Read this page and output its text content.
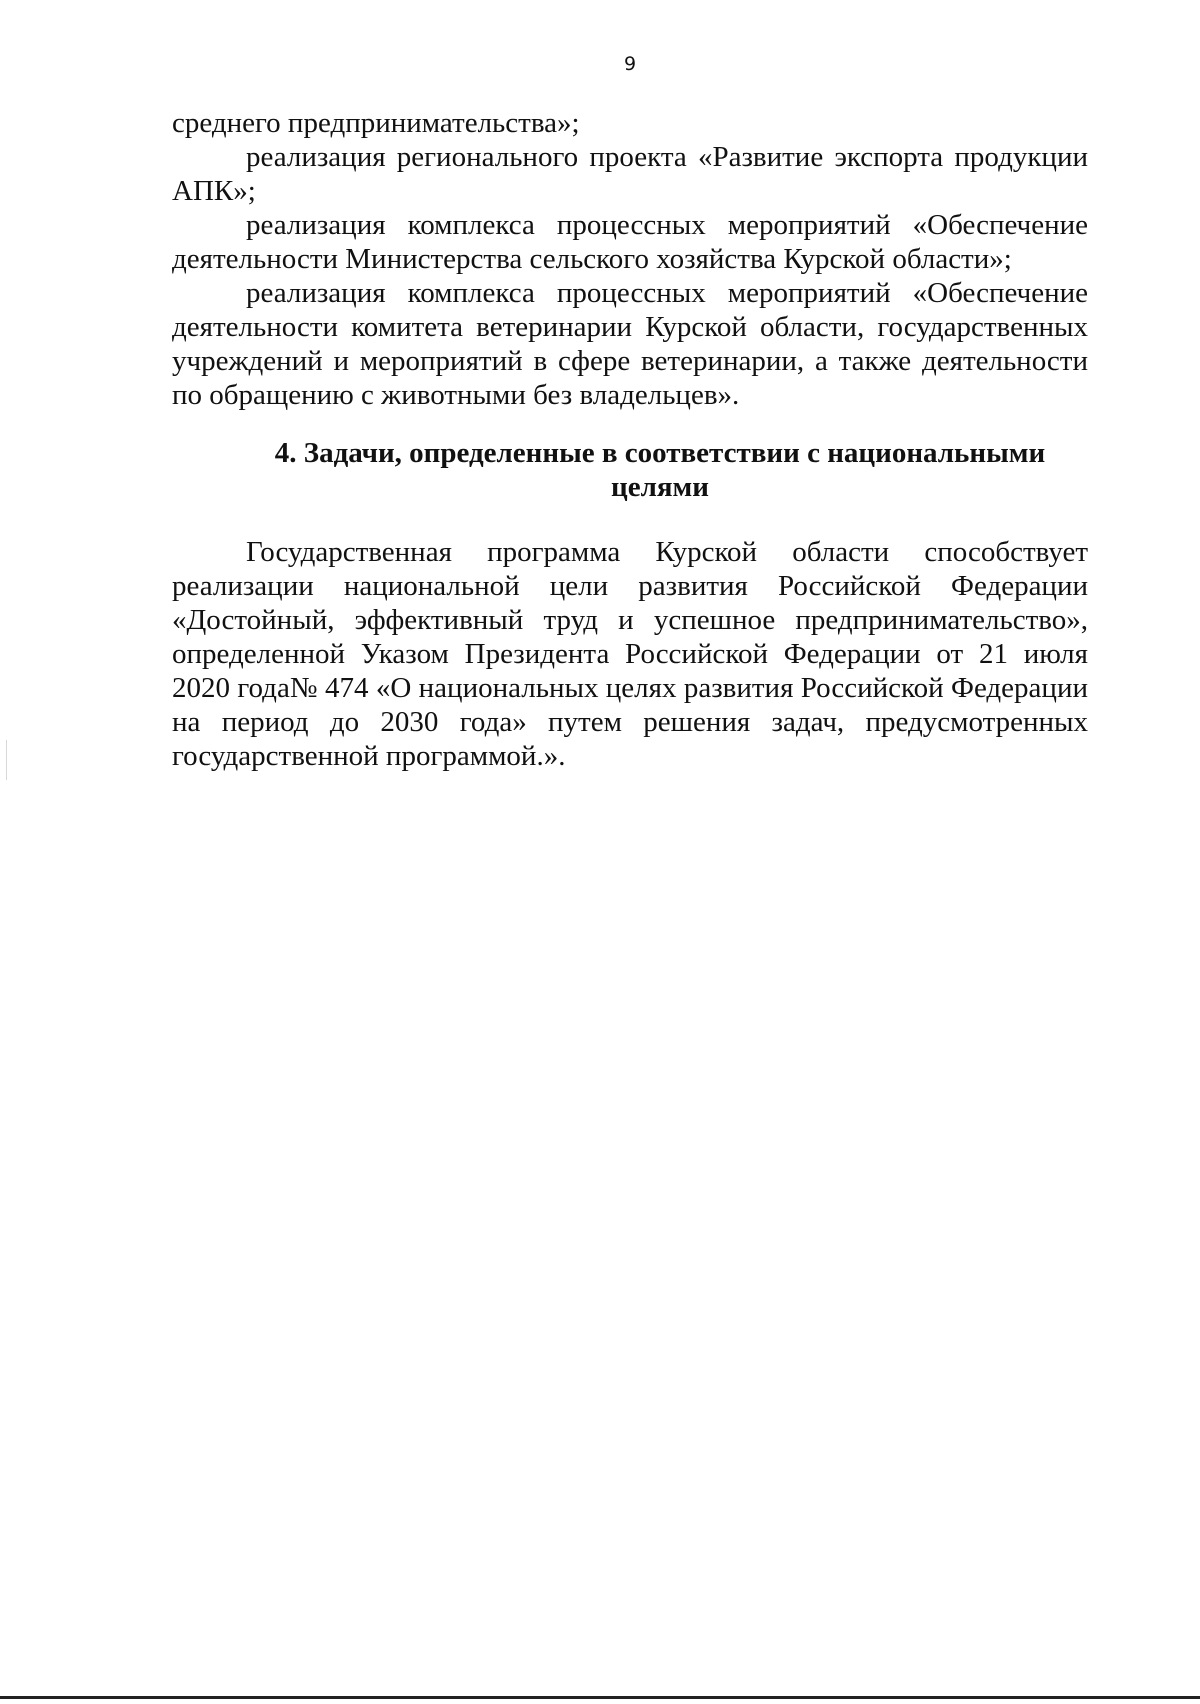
9

среднего предпринимательства»;

реализация регионального проекта «Развитие экспорта продукции АПК»;

реализация комплекса процессных мероприятий «Обеспечение деятельности Министерства сельского хозяйства Курской области»;

реализация комплекса процессных мероприятий «Обеспечение деятельности комитета ветеринарии Курской области, государственных учреждений и мероприятий в сфере ветеринарии, а также деятельности по обращению с животными без владельцев».

4. Задачи, определенные в соответствии с национальными целями

Государственная программа Курской области способствует реализации национальной цели развития Российской Федерации «Достойный, эффективный труд и успешное предпринимательство», определенной Указом Президента Российской Федерации от 21 июля 2020 года№ 474 «О национальных целях развития Российской Федерации на период до 2030 года» путем решения задач, предусмотренных государственной программой.».
